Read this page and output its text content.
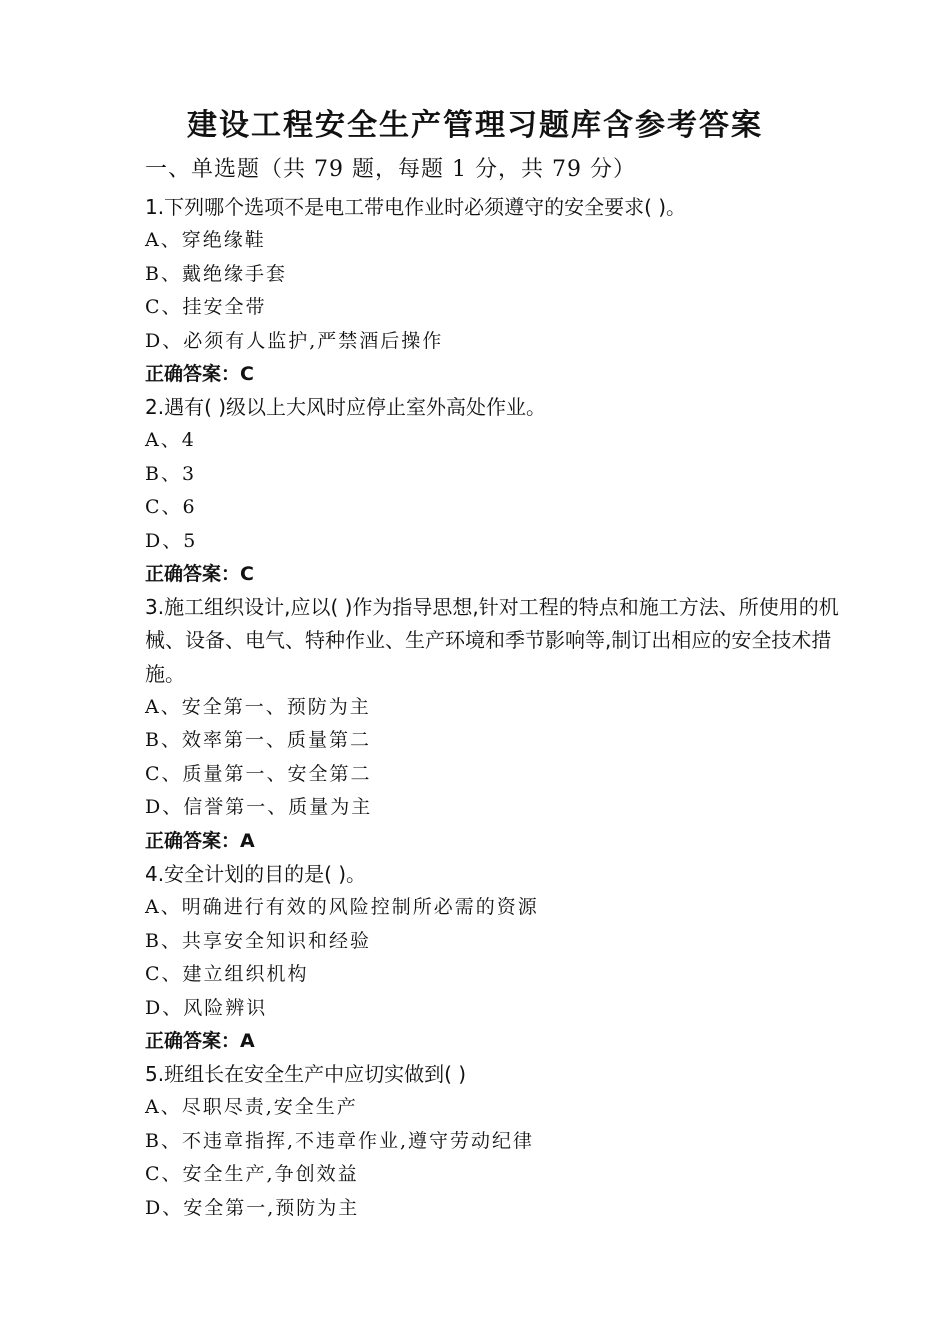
建设工程安全生产管理习题库含参考答案
一、单选题（共 79 题，每题 1 分，共 79 分）
1.下列哪个选项不是电工带电作业时必须遵守的安全要求( )。
A、穿绝缘鞋
B、戴绝缘手套
C、挂安全带
D、必须有人监护,严禁酒后操作
正确答案：C
2.遇有( )级以上大风时应停止室外高处作业。
A、4
B、3
C、6
D、5
正确答案：C
3.施工组织设计,应以( )作为指导思想,针对工程的特点和施工方法、所使用的机械、设备、电气、特种作业、生产环境和季节影响等,制订出相应的安全技术措施。
A、安全第一、预防为主
B、效率第一、质量第二
C、质量第一、安全第二
D、信誉第一、质量为主
正确答案：A
4.安全计划的目的是( )。
A、明确进行有效的风险控制所必需的资源
B、共享安全知识和经验
C、建立组织机构
D、风险辨识
正确答案：A
5.班组长在安全生产中应切实做到( )
A、尽职尽责,安全生产
B、不违章指挥,不违章作业,遵守劳动纪律
C、安全生产,争创效益
D、安全第一,预防为主
